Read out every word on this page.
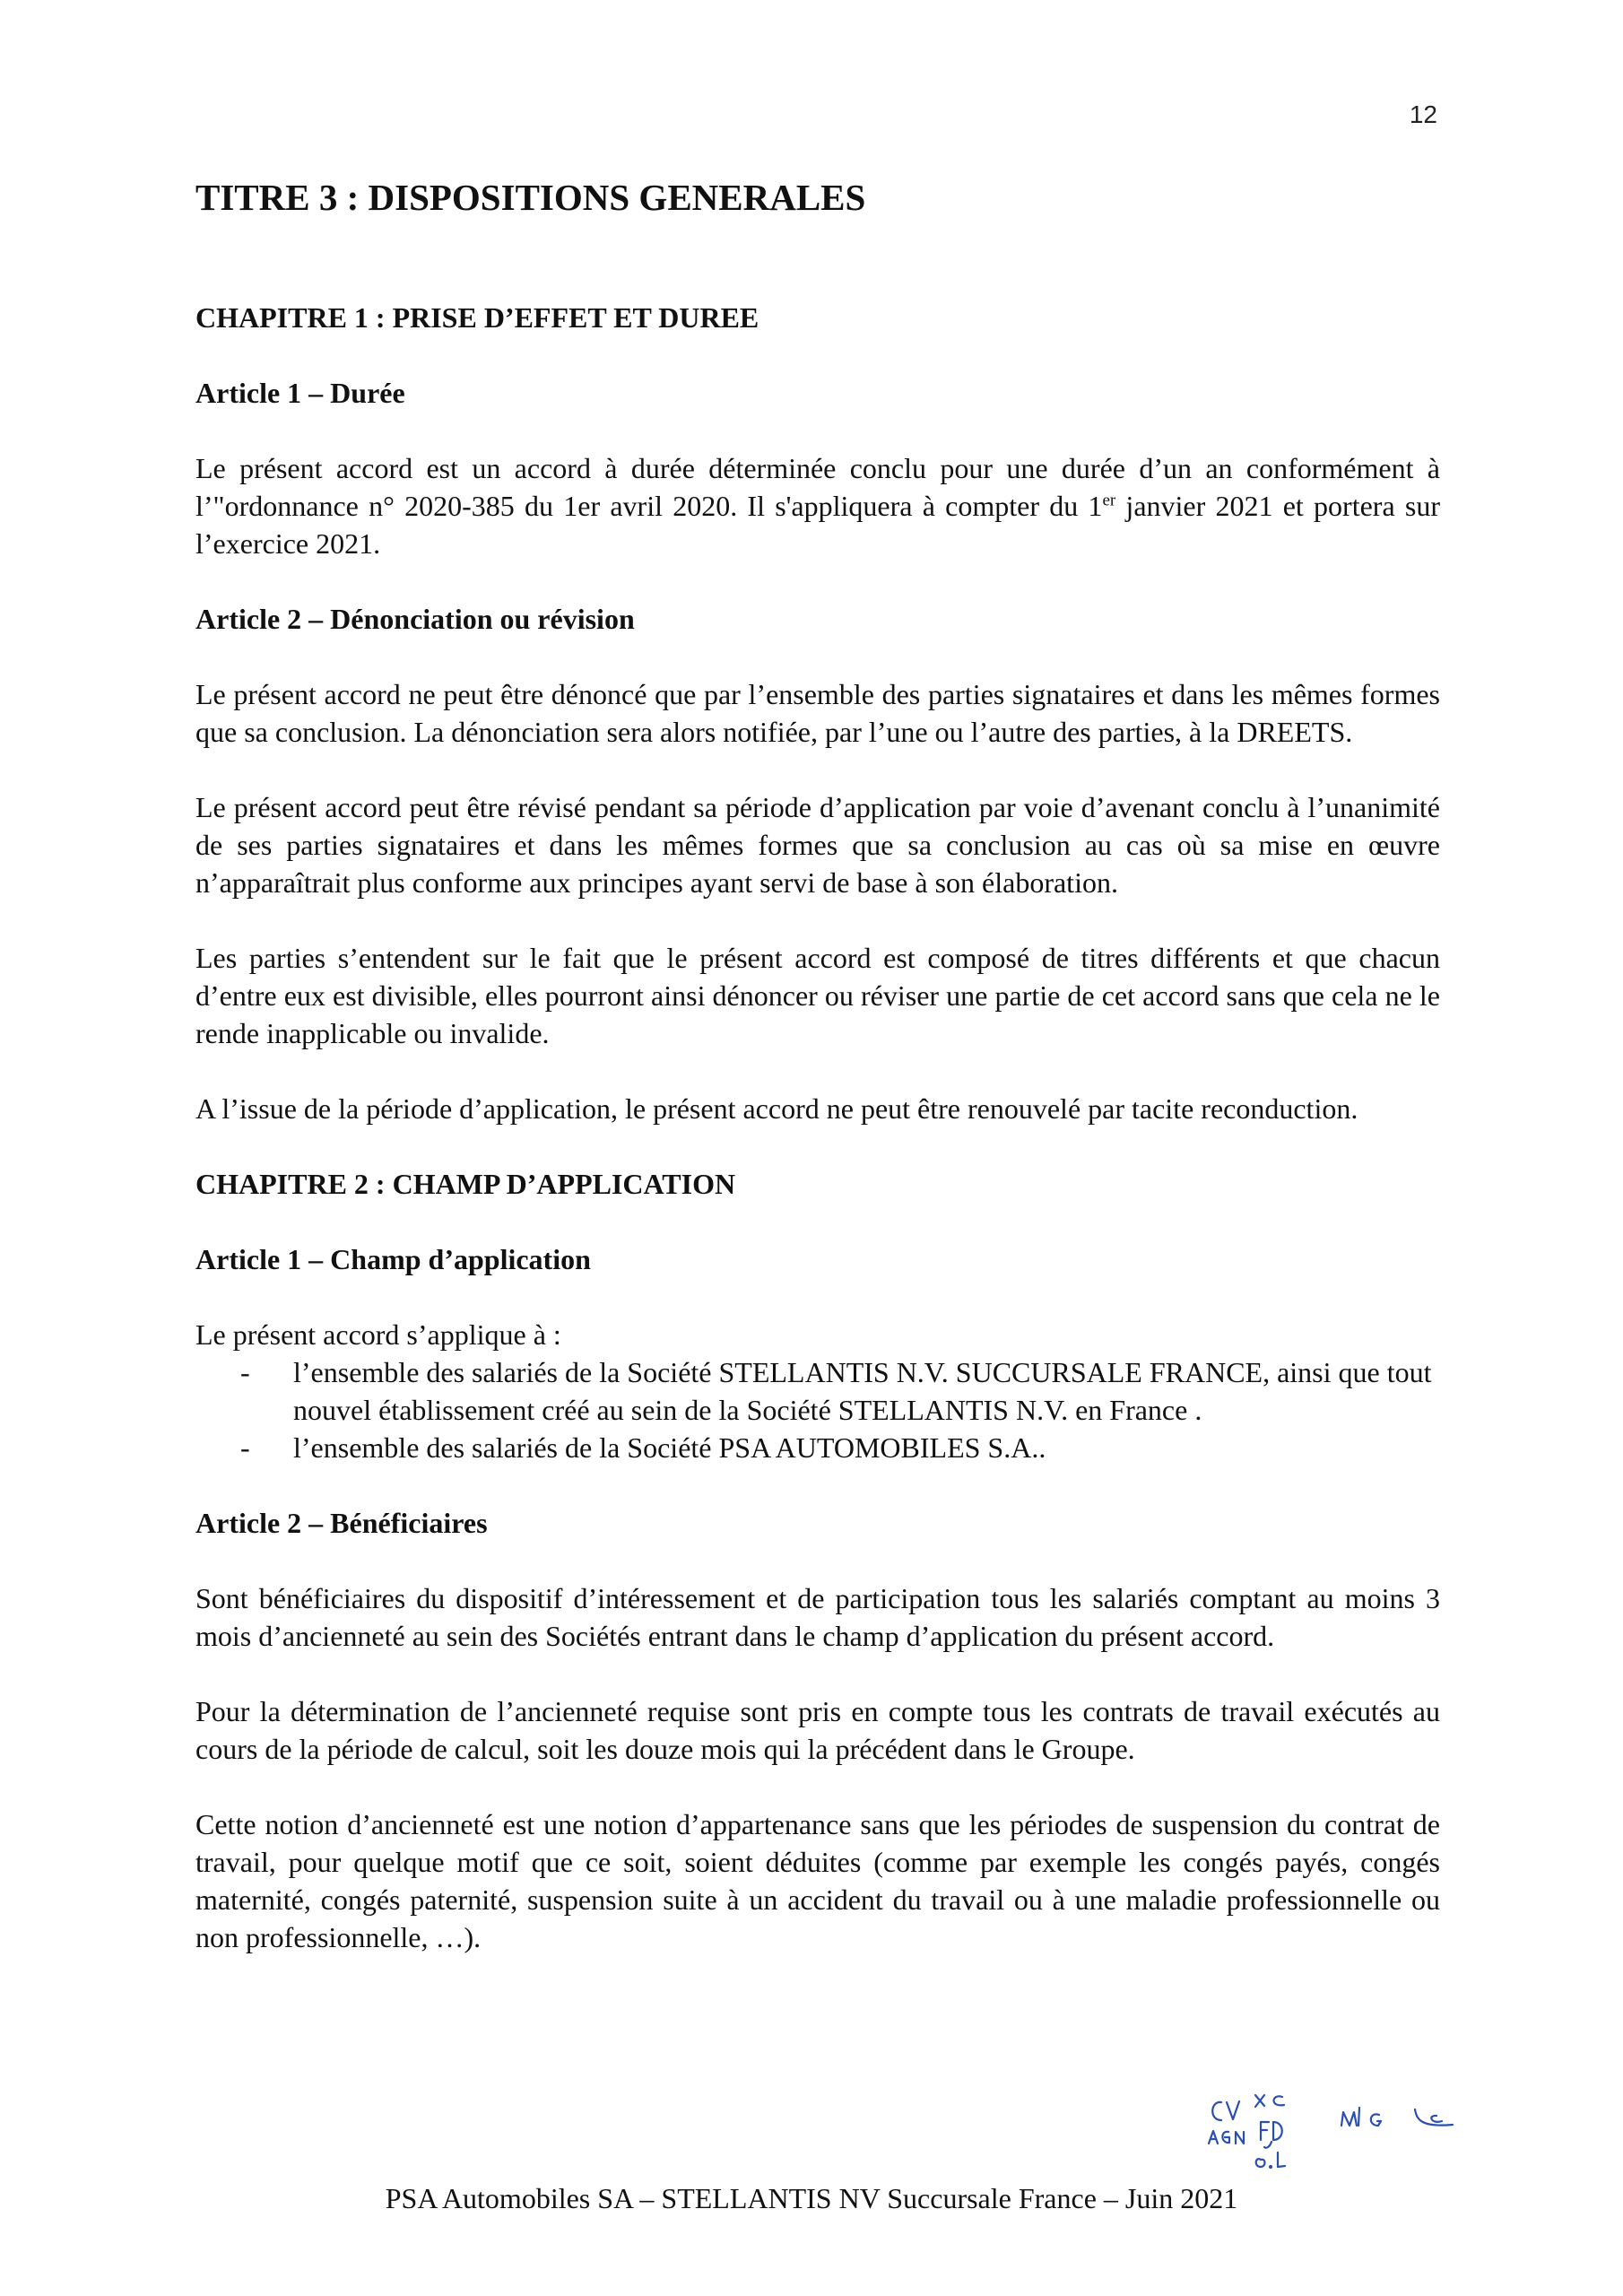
12
TITRE 3 : DISPOSITIONS GENERALES
CHAPITRE 1 : PRISE D’EFFET ET DUREE
Article 1 – Durée

Le présent accord est un accord à durée déterminée conclu pour une durée d’un an conformément à l’"ordonnance n° 2020-385 du 1er avril 2020. Il s'appliquera à compter du 1er janvier 2021 et portera sur l’exercice 2021.

Article 2 – Dénonciation ou révision

Le présent accord ne peut être dénoncé que par l’ensemble des parties signataires et dans les mêmes formes que sa conclusion. La dénonciation sera alors notifiée, par l’une ou l’autre des parties, à la DREETS.

Le présent accord peut être révisé pendant sa période d’application par voie d’avenant conclu à l’unanimité de ses parties signataires et dans les mêmes formes que sa conclusion au cas où sa mise en œuvre n’apparaîtrait plus conforme aux principes ayant servi de base à son élaboration.

Les parties s’entendent sur le fait que le présent accord est composé de titres différents et que chacun d’entre eux est divisible, elles pourront ainsi dénoncer ou réviser une partie de cet accord sans que cela ne le rende inapplicable ou invalide.

A l’issue de la période d’application, le présent accord ne peut être renouvelé par tacite reconduction.

CHAPITRE 2 : CHAMP D’APPLICATION
Article 1 – Champ d’application

Le présent accord s’applique à :

- l’ensemble des salariés de la Société STELLANTIS N.V. SUCCURSALE FRANCE, ainsi que tout nouvel établissement créé au sein de la Société STELLANTIS N.V. en France .
- l’ensemble des salariés de la Société PSA AUTOMOBILES S.A..
Article 2 – Bénéficiaires

Sont bénéficiaires du dispositif d’intéressement et de participation tous les salariés comptant au moins 3 mois d’ancienneté au sein des Sociétés entrant dans le champ d’application du présent accord.

Pour la détermination de l’ancienneté requise sont pris en compte tous les contrats de travail exécutés au cours de la période de calcul, soit les douze mois qui la précédent dans le Groupe.

Cette notion d’ancienneté est une notion d’appartenance sans que les périodes de suspension du contrat de travail, pour quelque motif que ce soit, soient déduites (comme par exemple les congés payés, congés maternité, congés paternité, suspension suite à un accident du travail ou à une maladie professionnelle ou non professionnelle, …).

PSA Automobiles SA – STELLANTIS NV Succursale France – Juin 2021
